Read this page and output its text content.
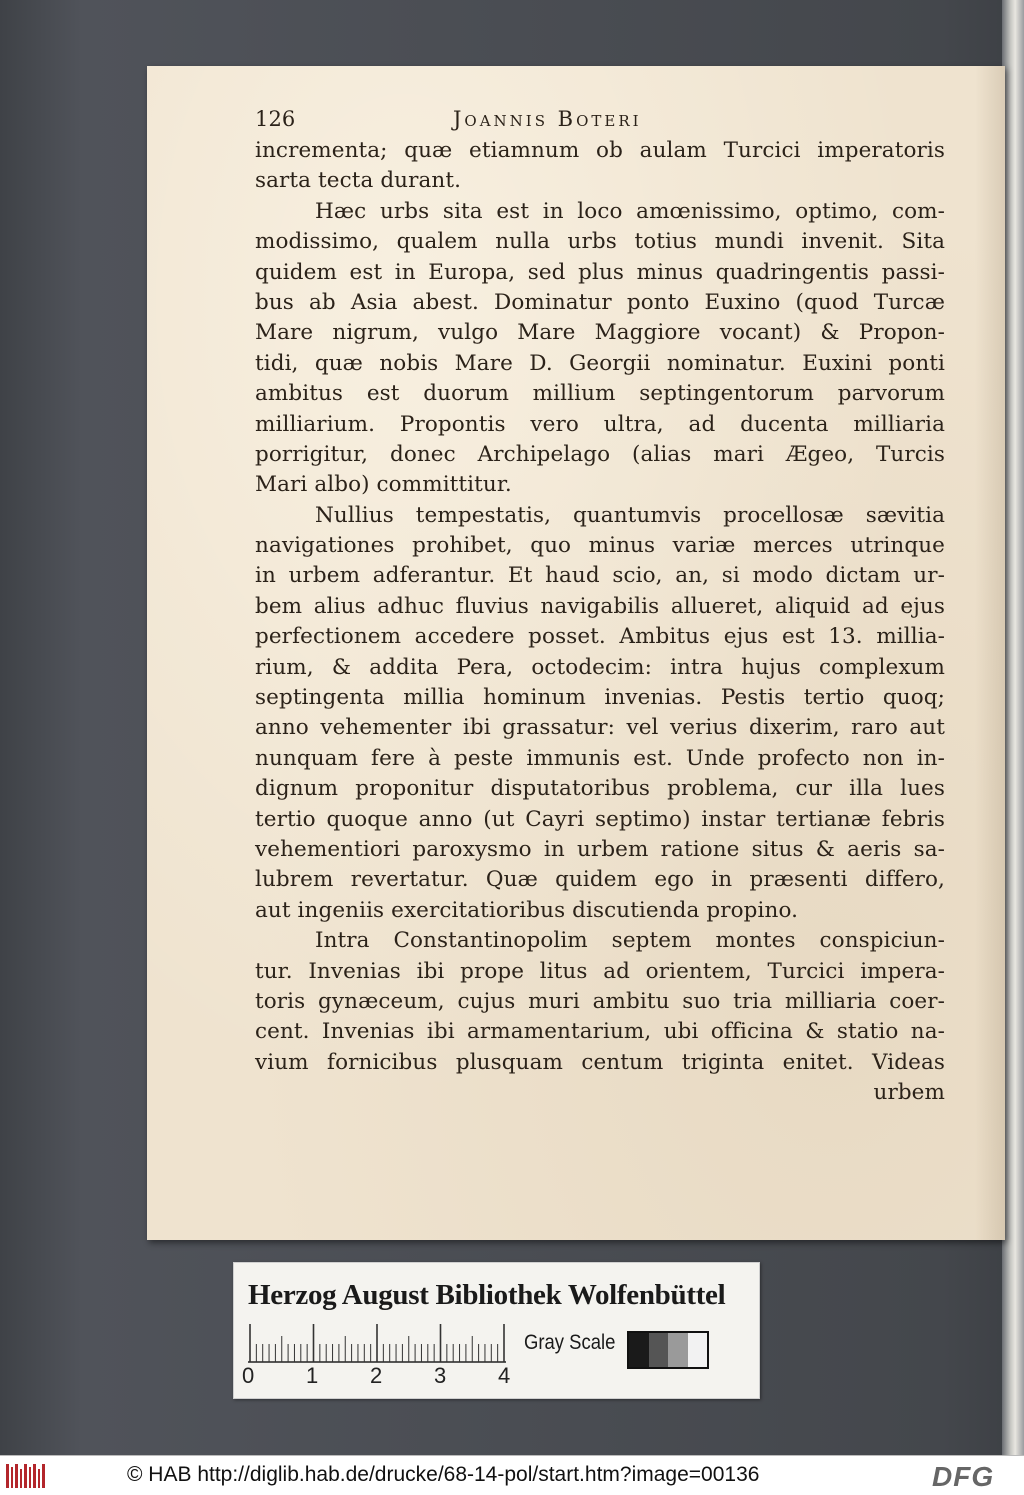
126	Joannis Boteri
incrementa; quæ etiamnum ob aulam Turcici imperatoris
sarta tecta durant.
Hæc urbs sita est in loco amœnissimo, optimo, com-
modissimo, qualem nulla urbs totius mundi invenit. Sita
quidem est in Europa, sed plus minus quadringentis passi-
bus ab Asia abest. Dominatur ponto Euxino (quod Turcæ
Mare nigrum, vulgo Mare Maggiore vocant) & Propon-
tidi, quæ nobis Mare D. Georgii nominatur. Euxini ponti
ambitus est duorum millium septingentorum parvorum
milliarium. Propontis vero ultra, ad ducenta milliaria
porrigitur, donec Archipelago (alias mari Ægeo, Turcis
Mari albo) committitur.
Nullius tempestatis, quantumvis procellosæ sævitia
navigationes prohibet, quo minus variæ merces utrinque
in urbem adferantur. Et haud scio, an, si modo dictam ur-
bem alius adhuc fluvius navigabilis allueret, aliquid ad ejus
perfectionem accedere posset. Ambitus ejus est 13. millia-
rium, & addita Pera, octodecim: intra hujus complexum
septingenta millia hominum invenias. Pestis tertio quoq;
anno vehementer ibi grassatur: vel verius dixerim, raro aut
nunquam fere à peste immunis est. Unde profecto non in-
dignum proponitur disputatoribus problema, cur illa lues
tertio quoque anno (ut Cayri septimo) instar tertianæ febris
vehementiori paroxysmo in urbem ratione situs & aeris sa-
lubrem revertatur. Quæ quidem ego in præsenti differo,
aut ingeniis exercitatioribus discutienda propino.
Intra Constantinopolim septem montes conspiciun-
tur. Invenias ibi prope litus ad orientem, Turcici impera-
toris gynæceum, cujus muri ambitu suo tria milliaria coer-
cent. Invenias ibi armamentarium, ubi officina & statio na-
vium fornicibus plusquam centum triginta enitet. Videas
urbem
Herzog August Bibliothek Wolfenbüttel
0 1 2 3 4
Gray Scale
© HAB http://diglib.hab.de/drucke/68-14-pol/start.htm?image=00136	DFG
